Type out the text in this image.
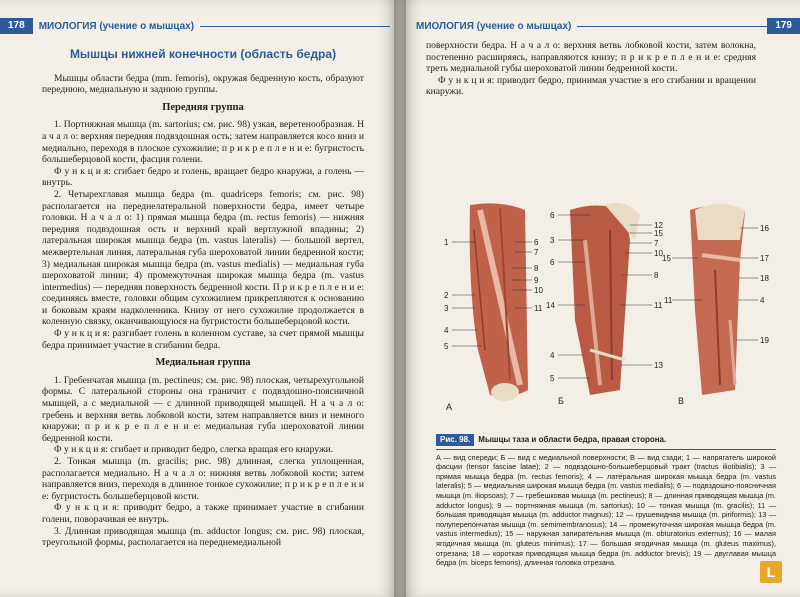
178	МИОЛОГИЯ (учение о мышцах)
Мышцы нижней конечности (область бедра)

Мышцы области бедра (mm. femoris), окружая бедренную кость, образуют переднюю, медиальную и заднюю группы.

Передняя группа

1. Портняжная мышца (m. sartorius; см. рис. 98) узкая, веретенообразная. Н а ч а л о: верхняя передняя подвздошная ость; затем направляется косо вниз и медиально, переходя в плоское сухожилие; п р и к р е п л е н и е: бугристость большеберцовой кости, фасция голени.

Ф у н к ц и я: сгибает бедро и голень, вращает бедро кнаружи, а голень — внутрь.

2. Четырехглавая мышца бедра (m. quadriceps femoris; см. рис. 98) располагается на переднелатеральной поверхности бедра, имеет четыре головки. Н а ч а л о: 1) прямая мышца бедра (m. rectus femoris) — нижняя передняя подвздошная ость и верхний край вертлужной впадины; 2) латеральная широкая мышца бедра (m. vastus lateralis) — большой вертел, межвертельная линия, латеральная губа шероховатой линии бедренной кости; 3) медиальная широкая мышца бедра (m. vastus medialis) — медиальная губа шероховатой линии; 4) промежуточная широкая мышца бедра (m. vastus intermedius) — передняя поверхность бедренной кости. П р и к р е п л е н и е: соединяясь вместе, головки общим сухожилием прикрепляются к основанию и боковым краям надколенника. Книзу от него сухожилие продолжается в коленную связку, оканчивающуюся на бугристости большеберцовой кости.

Ф у н к ц и я: разгибает голень в коленном суставе, за счет прямой мышцы бедра принимает участие в сгибании бедра.

Медиальная группа

1. Гребенчатая мышца (m. pectineus; см. рис. 98) плоская, четырехугольной формы. С латеральной стороны она граничит с подвздошно-поясничной мышцей, а с медиальной — с длинной приводящей мышцей. Н а ч а л о: гребень и верхняя ветвь лобковой кости, затем направляется вниз и немного кнаружи; п р и к р е п л е н и е: медиальная губа шероховатой линии бедренной кости.

Ф у н к ц и я: сгибает и приводит бедро, слегка вращая его кнаружи.

2. Тонкая мышца (m. gracilis; рис. 98) длинная, слегка уплощенная, располагается медиально. Н а ч а л о: нижняя ветвь лобковой кости; затем направляется вниз, переходя в длинное тонкое сухожилие; п р и к р е п л е н и е: бугристость большеберцовой кости.

Ф у н к ц и я: приводит бедро, а также принимает участие в сгибании голени, поворачивая ее внутрь.

3. Длинная приводящая мышца (m. adductor longus; см. рис. 98) плоская, треугольной формы, располагается на переднемедиальной

МИОЛОГИЯ (учение о мышцах)	179

поверхности бедра. Н а ч а л о: верхняя ветвь лобковой кости, затем волокна, постепенно расширяясь, направляются книзу; п р и к р е п л е н и е: средняя треть медиальной губы шероховатой линии бедренной кости.

Ф у н к ц и я: приводит бедро, принимая участие в его сгибании и вращении кнаружи.

1	6
7
8
9
10
11
2
3
4
5
6
12
15
7
3
10
6
8
14	11
4
13
5
16
15	17
18
11	4
19
А
Б	В
Рис. 98.	Мышцы таза и области бедра, правая сторона.
А — вид спереди; Б — вид с медиальной поверхности; В — вид сзади; 1 — напрягатель широкой фасции (tensor fasciae latae); 2 — подвздошно-большеберцовый тракт (tractus iliotibialis); 3 — прямая мышца бедра (m. rectus femoris); 4 — латеральная широкая мышца бедра (m. vastus lateralis); 5 — медиальная широкая мышца бедра (m. vastus medialis); 6 — подвздошно-поясничная мышца (m. iliopsoas); 7 — гребешковая мышца (m. pectineus); 8 — длинная приводящая мышца (m. adductor longus); 9 — портняжная мышца (m. sartorius); 10 — тонкая мышца (m. gracilis); 11 — большая приводящая мышца (m. adductor magnus); 12 — грушевидная мышца (m. piriformis); 13 — полуперепончатая мышца (m. semimembranosus); 14 — промежуточная широкая мышца бедра (m. vastus intermedius); 15 — наружная запирательная мышца (m. obturatorius externus); 16 — малая ягодичная мышца (m. gluteus minimus); 17 — большая ягодичная мышца (m. gluteus maximus), отрезана; 18 — короткая приводящая мышца бедра (m. adductor brevis); 19 — двуглавая мышца бедра (m. biceps femoris), длинная головка отрезана.
L
